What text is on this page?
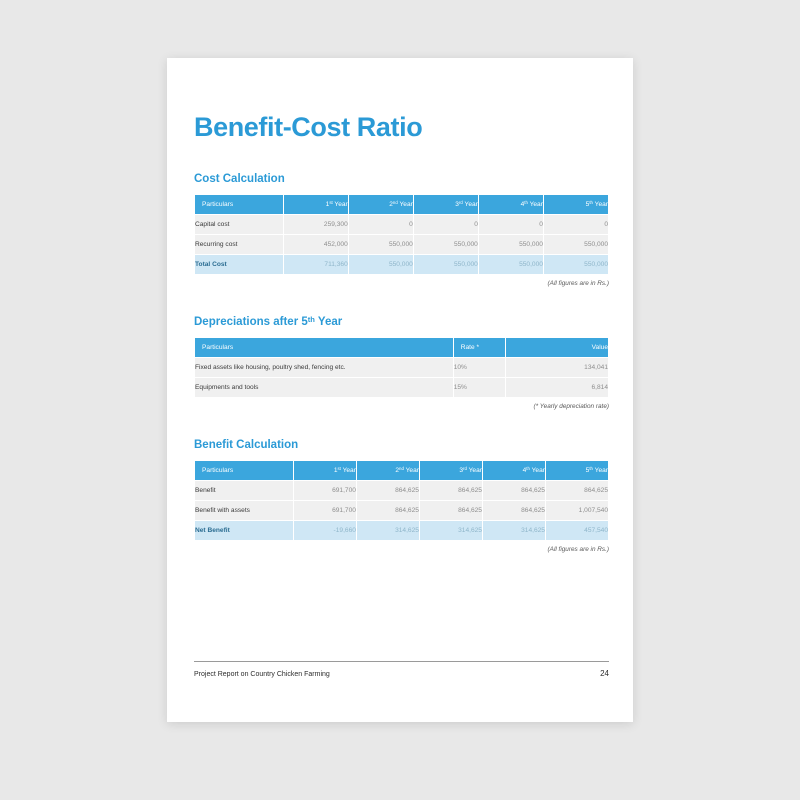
Benefit-Cost Ratio
Cost Calculation
Particulars	1st Year	2nd Year	3rd Year	4th Year	5th Year
Capital cost	259,300	0	0	0	0
Recurring cost	452,000	550,000	550,000	550,000	550,000
Total Cost	711,360	550,000	550,000	550,000	550,000
(All figures are in Rs.)
Depreciations after 5th Year
Particulars	Rate *	Value
Fixed assets like housing, poultry shed, fencing etc.	10%	134,041
Equipments and tools	15%	6,814
(* Yearly depreciation rate)
Benefit Calculation
Particulars	1st Year	2nd Year	3rd Year	4th Year	5th Year
Benefit	691,700	864,625	864,625	864,625	864,625
Benefit with assets	691,700	864,625	864,625	864,625	1,007,540
Net Benefit	-19,660	314,625	314,625	314,625	457,540
(All figures are in Rs.)
Project Report on Country Chicken Farming	24
